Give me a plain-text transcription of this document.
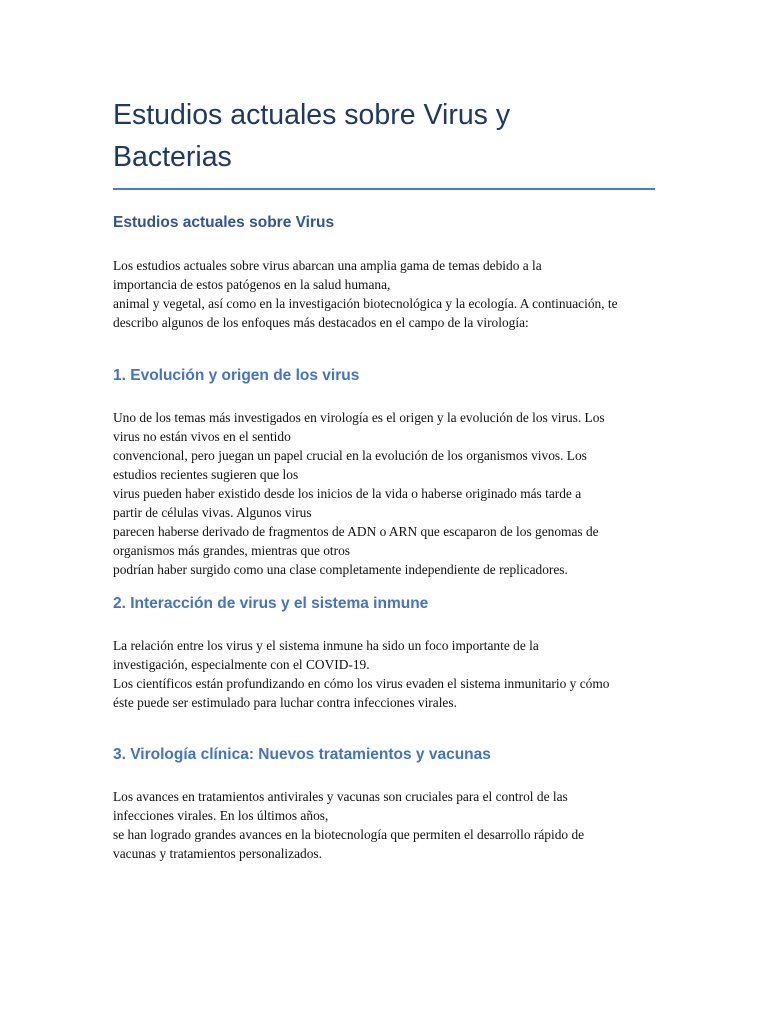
Estudios actuales sobre Virus y
Bacterias
Estudios actuales sobre Virus
Los estudios actuales sobre virus abarcan una amplia gama de temas debido a la
importancia de estos patógenos en la salud humana,
animal y vegetal, así como en la investigación biotecnológica y la ecología. A continuación, te
describo algunos de los enfoques más destacados en el campo de la virología:
1. Evolución y origen de los virus
Uno de los temas más investigados en virología es el origen y la evolución de los virus. Los
virus no están vivos en el sentido
convencional, pero juegan un papel crucial en la evolución de los organismos vivos. Los
estudios recientes sugieren que los
virus pueden haber existido desde los inicios de la vida o haberse originado más tarde a
partir de células vivas. Algunos virus
parecen haberse derivado de fragmentos de ADN o ARN que escaparon de los genomas de
organismos más grandes, mientras que otros
podrían haber surgido como una clase completamente independiente de replicadores.
2. Interacción de virus y el sistema inmune
La relación entre los virus y el sistema inmune ha sido un foco importante de la
investigación, especialmente con el COVID-19.
Los científicos están profundizando en cómo los virus evaden el sistema inmunitario y cómo
éste puede ser estimulado para luchar contra infecciones virales.
3. Virología clínica: Nuevos tratamientos y vacunas
Los avances en tratamientos antivirales y vacunas son cruciales para el control de las
infecciones virales. En los últimos años,
se han logrado grandes avances en la biotecnología que permiten el desarrollo rápido de
vacunas y tratamientos personalizados.
